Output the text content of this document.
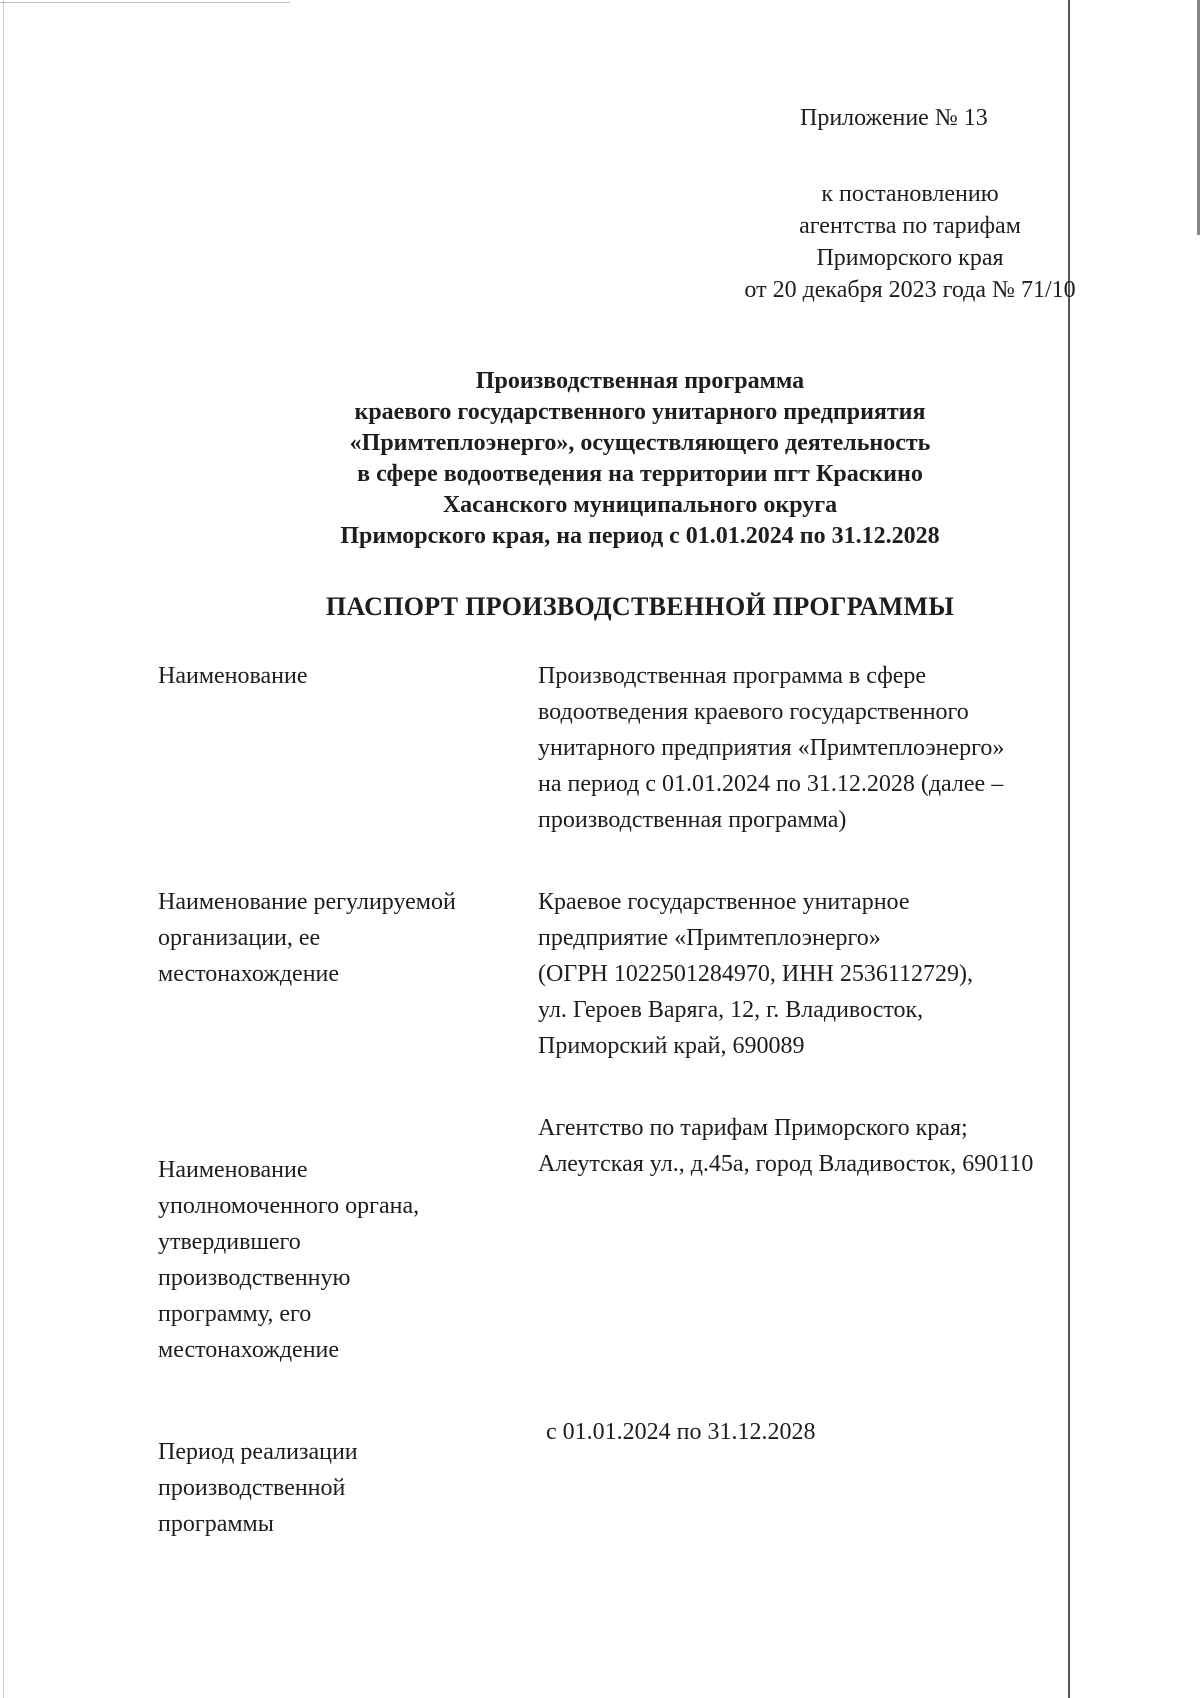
Приложение № 13
к постановлению
агентства по тарифам
Приморского края
от 20 декабря 2023 года № 71/10
Производственная программа
краевого государственного унитарного предприятия
«Примтеплоэнерго», осуществляющего деятельность
в сфере водоотведения на территории пгт Краскино
Хасанского муниципального округа
Приморского края, на период с 01.01.2024 по 31.12.2028
ПАСПОРТ ПРОИЗВОДСТВЕННОЙ ПРОГРАММЫ
Наименование	Производственная программа в сфере
водоотведения краевого государственного
унитарного предприятия «Примтеплоэнерго»
на период с 01.01.2024 по 31.12.2028 (далее –
производственная программа)
Наименование регулируемой
организации, ее
местонахождение
Краевое государственное унитарное
предприятие «Примтеплоэнерго»
(ОГРН 1022501284970, ИНН 2536112729),
ул. Героев Варяга, 12, г. Владивосток,
Приморский край, 690089
Агентство по тарифам Приморского края;
Алеутская ул., д.45а, город Владивосток, 690110
Наименование
уполномоченного органа,
утвердившего
производственную
программу, его
местонахождение
с 01.01.2024 по 31.12.2028
Период реализации
производственной
программы
